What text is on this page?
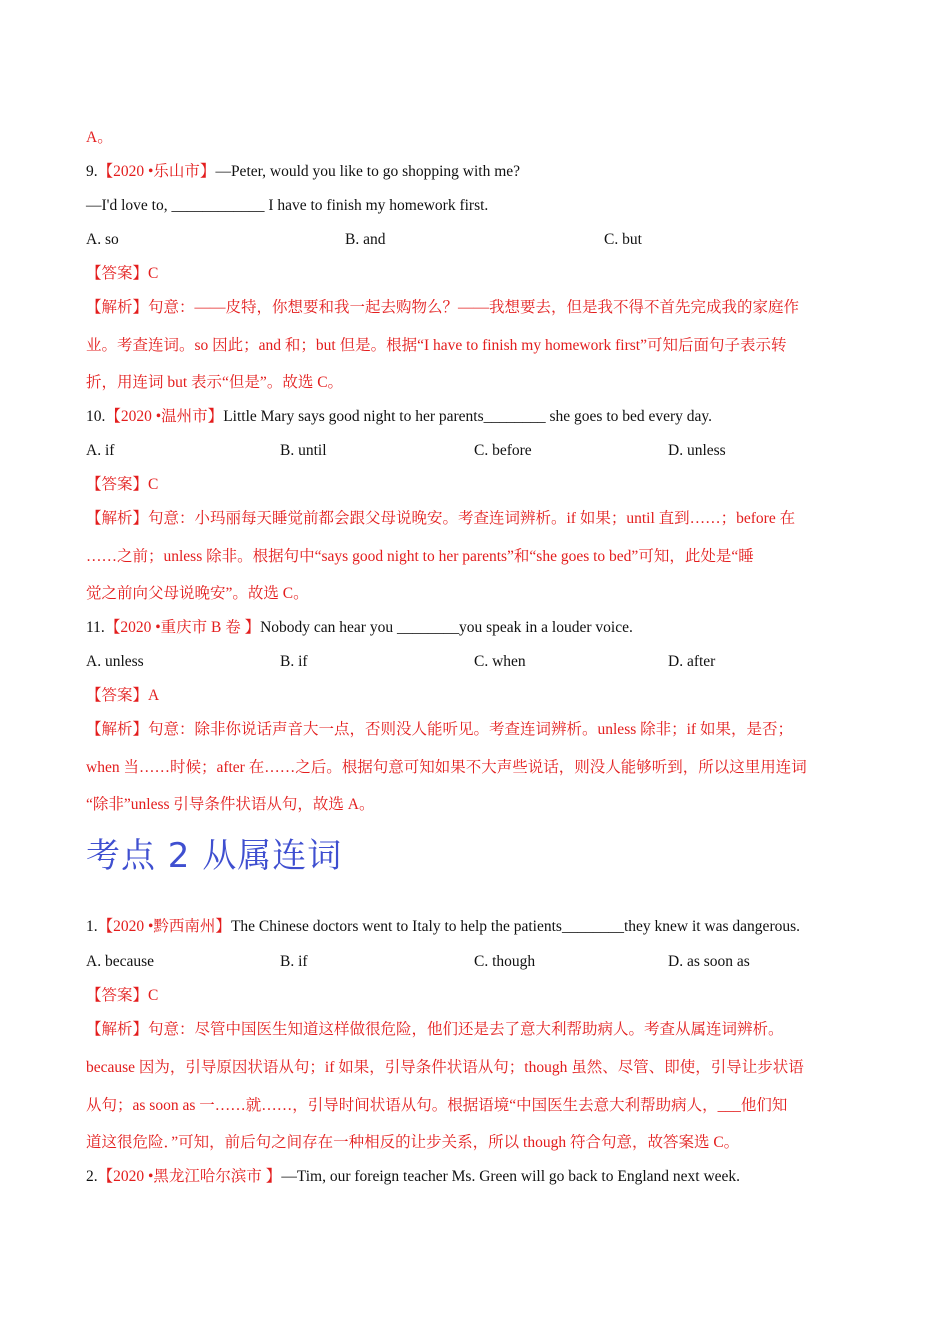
A。
9.【2020 •乐山市】—Peter, would you like to go shopping with me?
—I'd love to, ____________ I have to finish my homework first.
A. so	B. and	C. but
【答案】C
【解析】句意：——皮特，你想要和我一起去购物么？——我想要去，但是我不得不首先完成我的家庭作
业。考查连词。so 因此；and 和；but 但是。根据“I have to finish my homework first”可知后面句子表示转
折，用连词 but 表示“但是”。故选 C。
10.【2020 •温州市】Little Mary says good night to her parents________ she goes to bed every day.
A. if	B. until	C. before	D. unless
【答案】C
【解析】句意：小玛丽每天睡觉前都会跟父母说晚安。考查连词辨析。if 如果；until 直到……；before 在
……之前；unless 除非。根据句中“says good night to her parents”和“she goes to bed”可知，此处是“睡
觉之前向父母说晚安”。故选 C。
11.【2020 •重庆市 B 卷 】Nobody can hear you ________you speak in a louder voice.
A. unless	B. if	C. when	D. after
【答案】A
【解析】句意：除非你说话声音大一点，否则没人能听见。考查连词辨析。unless 除非；if 如果，是否；
when 当……时候；after 在……之后。根据句意可知如果不大声些说话，则没人能够听到，所以这里用连词
“除非”unless 引导条件状语从句，故选 A。
考点 2 从属连词
1.【2020 •黔西南州】The Chinese doctors went to Italy to help the patients________they knew it was dangerous.
A. because	B. if	C. though	D. as soon as
【答案】C
【解析】句意：尽管中国医生知道这样做很危险，他们还是去了意大利帮助病人。考查从属连词辨析。
because 因为，引导原因状语从句；if 如果，引导条件状语从句；though 虽然、尽管、即使，引导让步状语
从句；as soon as 一……就……，引导时间状语从句。根据语境“中国医生去意大利帮助病人，___他们知
道这很危险．”可知，前后句之间存在一种相反的让步关系，所以 though 符合句意，故答案选 C。
2.【2020 •黑龙江哈尔滨市 】—Tim, our foreign teacher Ms. Green will go back to England next week.
